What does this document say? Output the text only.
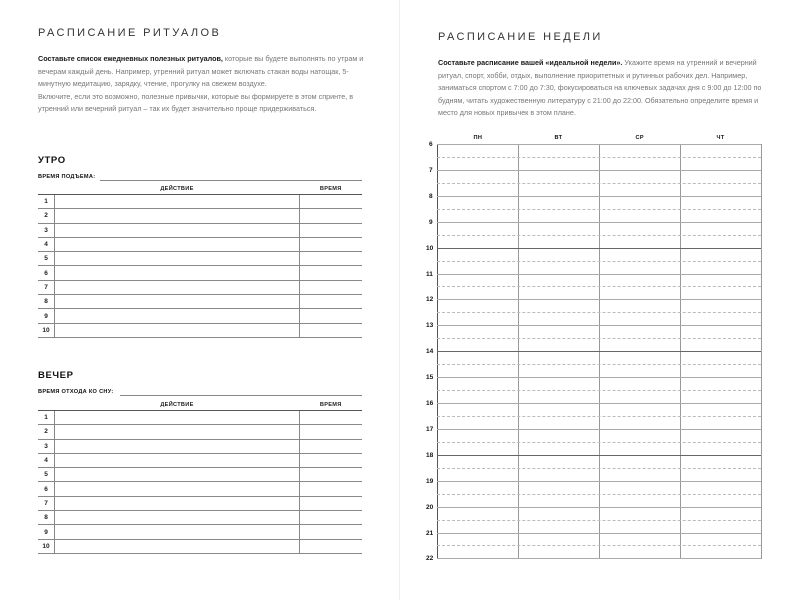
РАСПИСАНИЕ РИТУАЛОВ
Составьте список ежедневных полезных ритуалов, которые вы будете выполнять по утрам и вечерам каждый день. Например, утренний ритуал может включать стакан воды натощак, 5-минутную медитацию, зарядку, чтение, прогулку на свежем воздухе.
Включите, если это возможно, полезные привычки, которые вы формируете в этом спринте, в утренний или вечерний ритуал – так их будет значительно проще придерживаться.
УТРО
ВРЕМЯ ПОДЪЕМА:
	ДЕЙСТВИЕ	ВРЕМЯ
1		
2		
3		
4		
5		
6		
7		
8		
9		
10		
ВЕЧЕР
ВРЕМЯ ОТХОДА КО СНУ:
	ДЕЙСТВИЕ	ВРЕМЯ
1		
2		
3		
4		
5		
6		
7		
8		
9		
10		
РАСПИСАНИЕ НЕДЕЛИ
Составьте расписание вашей «идеальной недели». Укажите время на утренний и вечерний ритуал, спорт, хобби, отдых, выполнение приоритетных и рутинных рабочих дел. Например, заниматься спортом с 7:00 до 7:30, фокусироваться на ключевых задачах дня с 9:00 до 12:00 по будням, читать художественную литературу с 21:00 до 22:00. Обязательно определите время и место для новых привычек в этом плане.
ПН	ВТ	СР	ЧТ
6
7
8
9
10
11
12
13
14
15
16
17
18
19
20
21
22
